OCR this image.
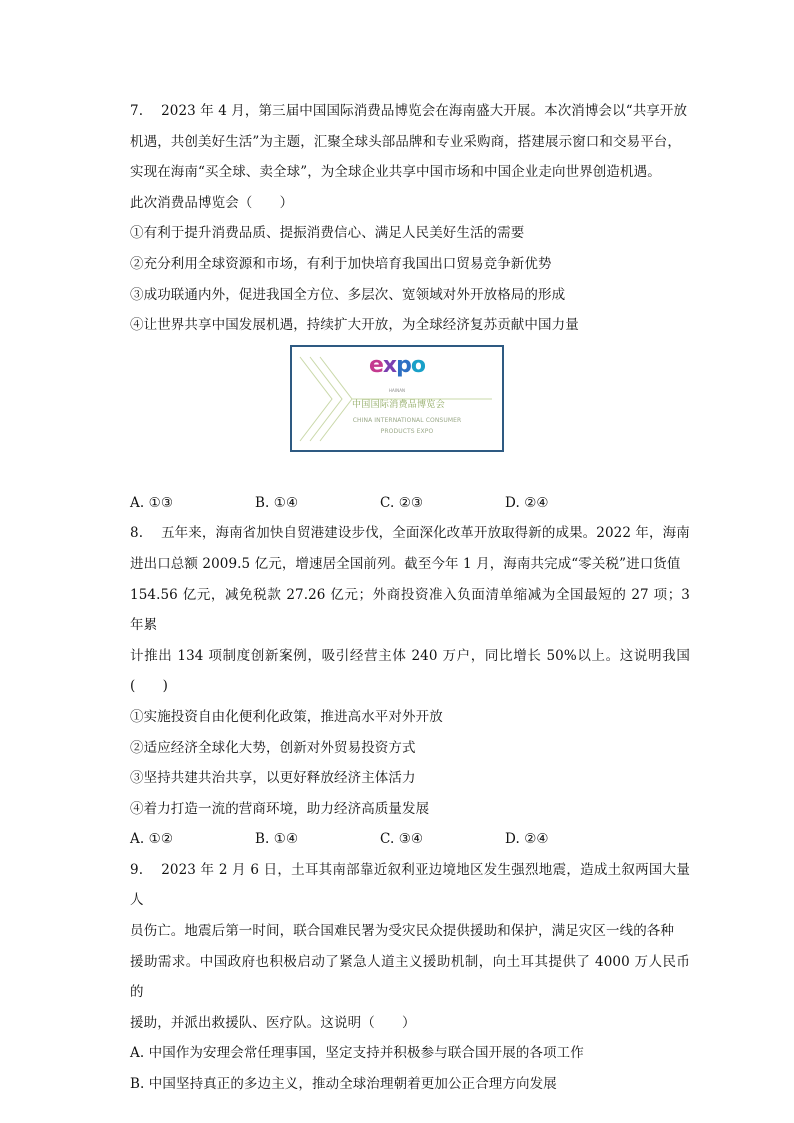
7.  2023 年 4 月，第三届中国国际消费品博览会在海南盛大开展。本次消博会以“共享开放

机遇，共创美好生活”为主题，汇聚全球头部品牌和专业采购商，搭建展示窗口和交易平台，

实现在海南“买全球、卖全球”，为全球企业共享中国市场和中国企业走向世界创造机遇。

此次消费品博览会（  ）

①有利于提升消费品质、提振消费信心、满足人民美好生活的需要

②充分利用全球资源和市场，有利于加快培育我国出口贸易竞争新优势

③成功联通内外，促进我国全方位、多层次、宽领域对外开放格局的形成

④让世界共享中国发展机遇，持续扩大开放，为全球经济复苏贡献中国力量

expo
HAINAN
中国国际消费品博览会
CHINA INTERNATIONAL CONSUMER
PRODUCTS EXPO
A. ①③	B. ①④	C. ②③	D. ②④

8.  五年来，海南省加快自贸港建设步伐，全面深化改革开放取得新的成果。2022 年，海南

进出口总额 2009.5 亿元，增速居全国前列。截至今年 1 月，海南共完成“零关税”进口货值

154.56 亿元，减免税款 27.26 亿元；外商投资准入负面清单缩减为全国最短的 27 项；3 年累

计推出 134 项制度创新案例，吸引经营主体 240 万户，同比增长 50%以上。这说明我国(  )

①实施投资自由化便利化政策，推进高水平对外开放

②适应经济全球化大势，创新对外贸易投资方式

③坚持共建共治共享，以更好释放经济主体活力

④着力打造一流的营商环境，助力经济高质量发展

A. ①②	B. ①④	C. ③④	D. ②④

9.  2023 年 2 月 6 日，土耳其南部靠近叙利亚边境地区发生强烈地震，造成土叙两国大量人

员伤亡。地震后第一时间，联合国难民署为受灾民众提供援助和保护，满足灾区一线的各种

援助需求。中国政府也积极启动了紧急人道主义援助机制，向土耳其提供了 4000 万人民币的

援助，并派出救援队、医疗队。这说明（  ）

A. 中国作为安理会常任理事国，坚定支持并积极参与联合国开展的各项工作

B. 中国坚持真正的多边主义，推动全球治理朝着更加公正合理方向发展
